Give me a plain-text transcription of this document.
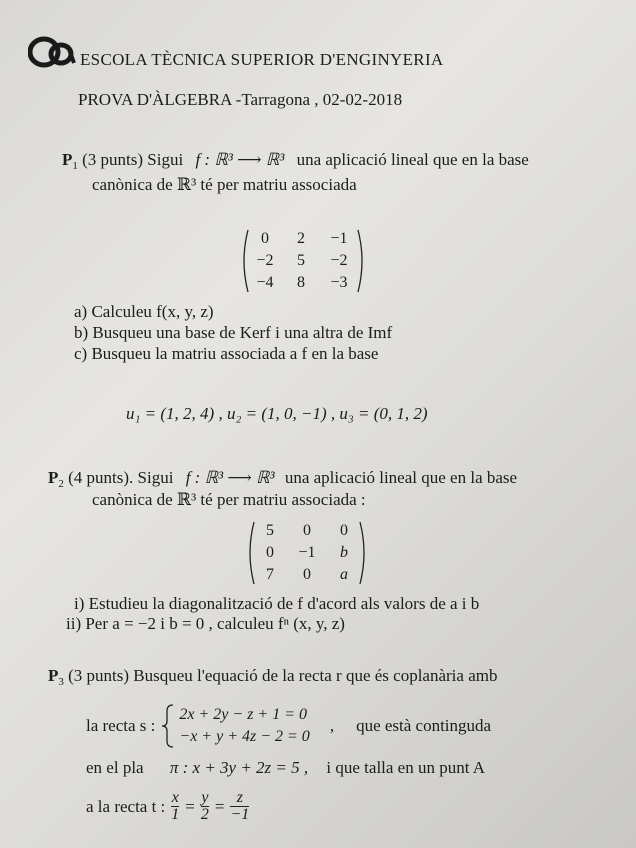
ESCOLA TÈCNICA SUPERIOR D'ENGINYERIA
PROVA D'ÀLGEBRA -Tarragona , 02-02-2018
$P_1$ (3 punts) Sigui f : ℝ³ ⟶ ℝ³ una aplicació lineal que en la base
canònica de ℝ³ té per matriu associada
0	2	−1
−2	5	−2
−4	8	−3
a) Calculeu f(x, y, z)
b) Busqueu una base de Kerf i una altra de Imf
c) Busqueu la matriu associada a f en la base
u₁ = (1, 2, 4) , u₂ = (1, 0, −1) , u₃ = (0, 1, 2)
$P_2$ (4 punts). Sigui f : ℝ³ ⟶ ℝ³ una aplicació lineal que en la base
canònica de ℝ³ té per matriu associada :
5	0	0
0	−1	b
7	0	a
i) Estudieu la diagonalització de f d'acord als valors de a i b
ii) Per a = −2 i b = 0 , calculeu fⁿ (x, y, z)
$P_3$ (3 punts) Busqueu l'equació de la recta r que és coplanària amb
la recta s :
2x + 2y − z + 1 = 0
−x + y + 4z − 2 = 0
, que està continguda
en el pla π : x + 3y + 2z = 5 , i que talla en un punt A
a la recta t : $\frac{x}{1} = \frac{y}{2} = \frac{z}{-1}$
